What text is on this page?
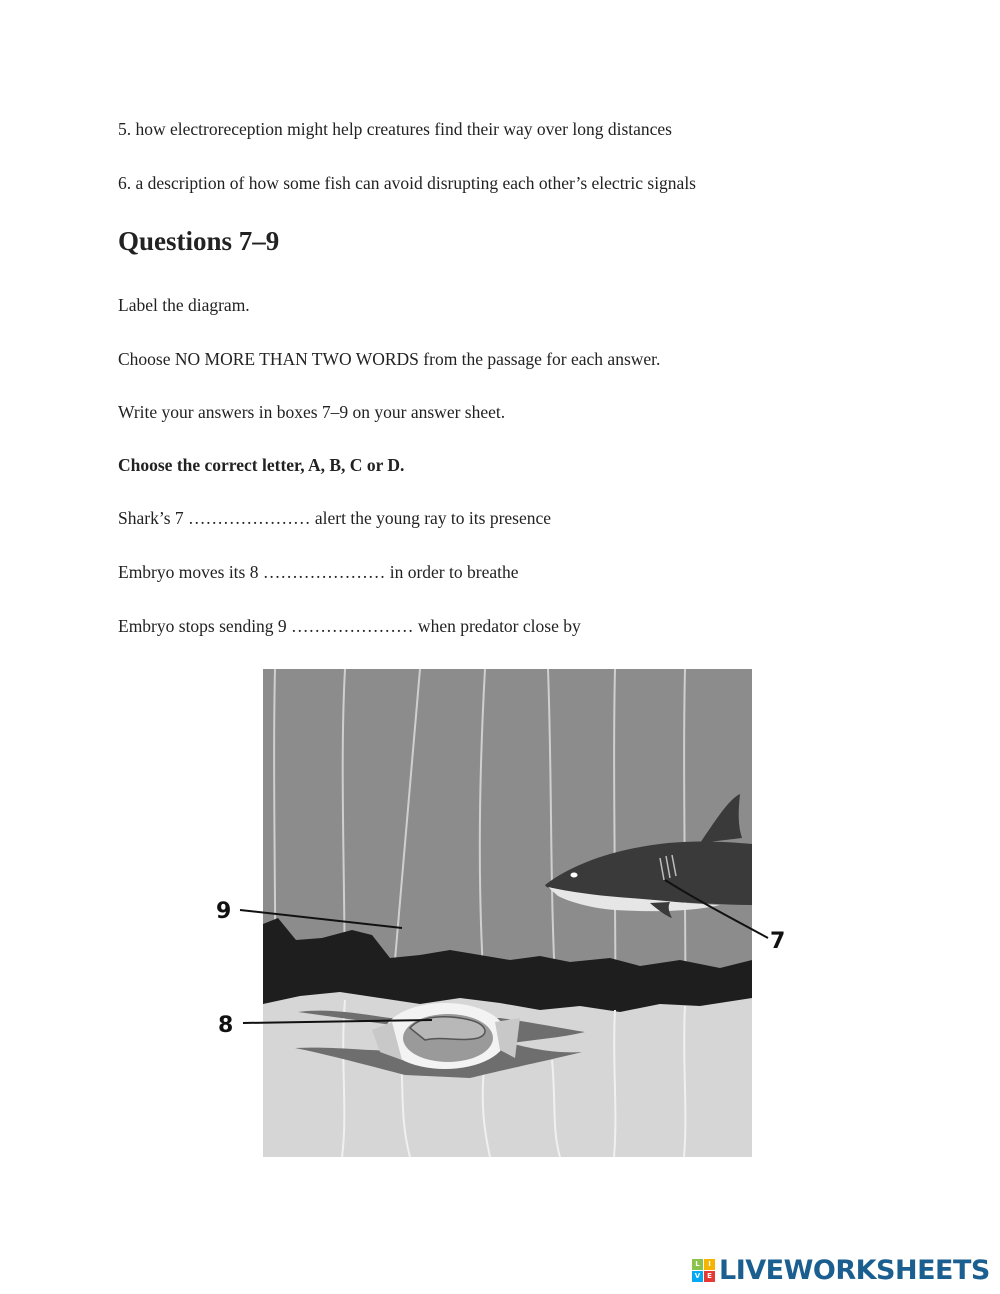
5. how electroreception might help creatures find their way over long distances
6. a description of how some fish can avoid disrupting each other’s electric signals
Questions 7–9
Label the diagram.
Choose NO MORE THAN TWO WORDS from the passage for each answer.
Write your answers in boxes 7–9 on your answer sheet.
Choose the correct letter, A, B, C or D.
Shark’s 7 ………………… alert the young ray to its presence
Embryo moves its 8 ………………… in order to breathe
Embryo stops sending 9 ………………… when predator close by
9
8
7
L	I
V E LIVEWORKSHEETS
